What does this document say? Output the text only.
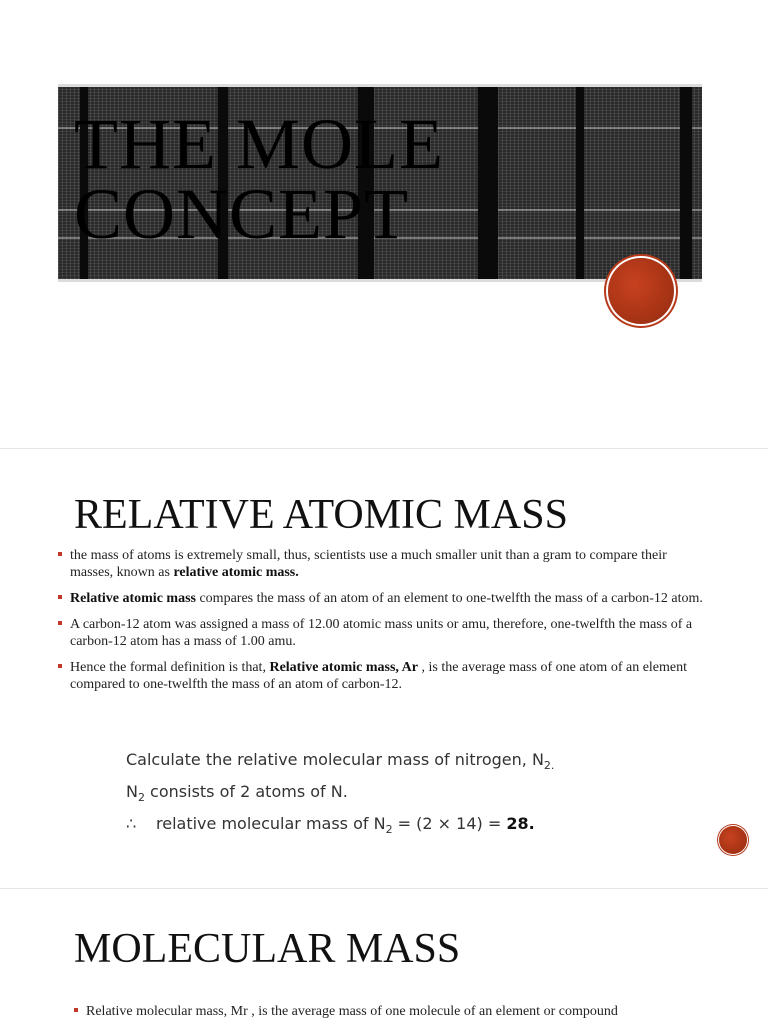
THE MOLE
CONCEPT
RELATIVE ATOMIC MASS
the mass of atoms is extremely small, thus, scientists use a much smaller unit than a gram to compare their masses, known as relative atomic mass.
Relative atomic mass compares the mass of an atom of an element to one-twelfth the mass of a carbon-12 atom.
A carbon-12 atom was assigned a mass of 12.00 atomic mass units or amu, therefore, one-twelfth the mass of a carbon-12 atom has a mass of 1.00 amu.
Hence the formal definition is that, Relative atomic mass, Ar , is the average mass of one atom of an element compared to one-twelfth the mass of an atom of carbon-12.
Calculate the relative molecular mass of nitrogen, $N_{2.}$
$N_2$ consists of 2 atoms of N.
∴ relative molecular mass of $N_2 = (2 \times 14) = 28$.
MOLECULAR MASS
Relative molecular mass, Mr , is the average mass of one molecule of an element or compound
